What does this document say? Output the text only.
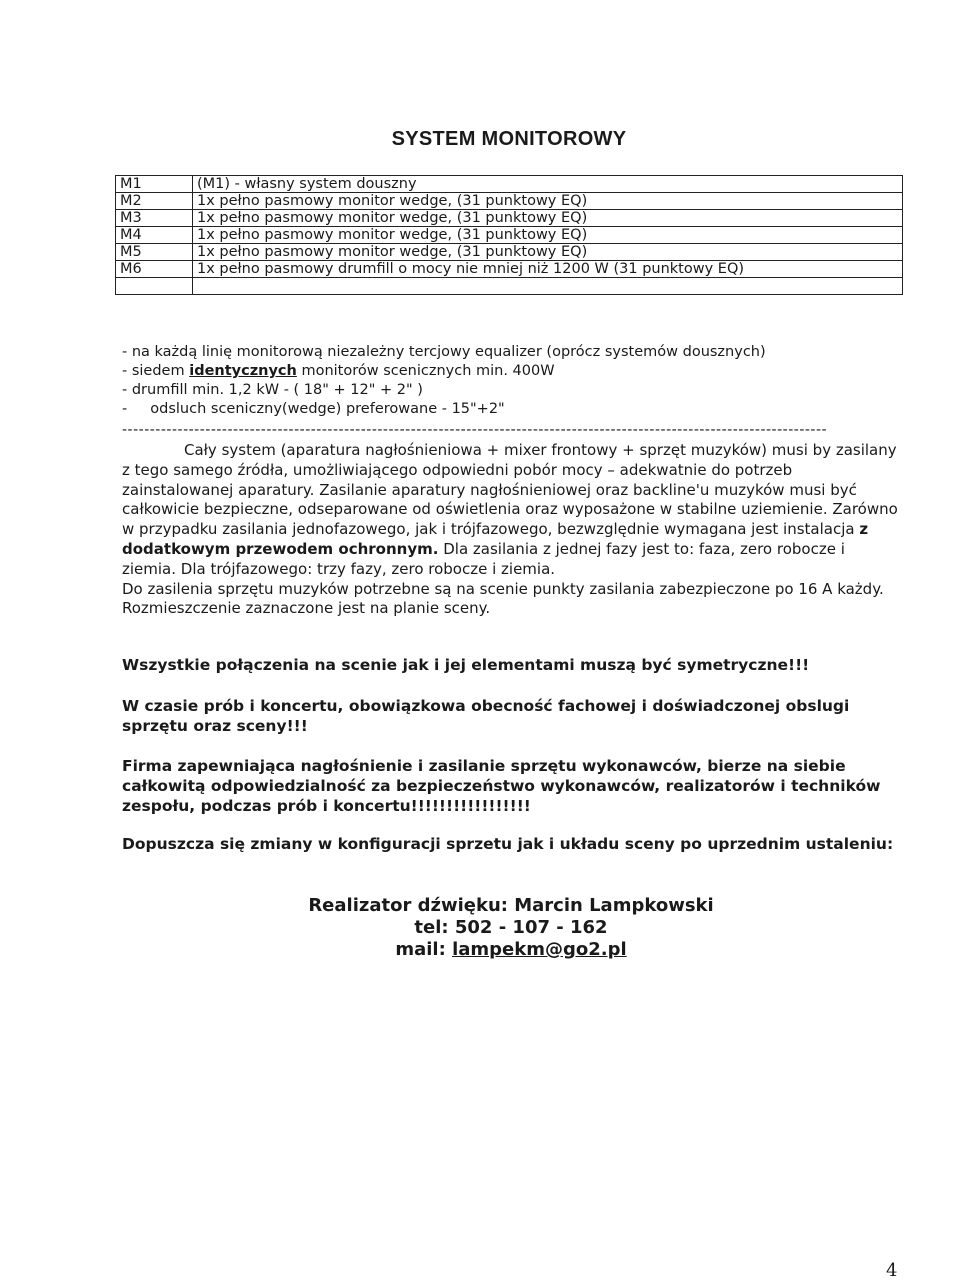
SYSTEM MONITOROWY
M1	(M1) - własny system douszny
M2	1x pełno pasmowy monitor wedge, (31 punktowy EQ)
M3	1x pełno pasmowy monitor wedge, (31 punktowy EQ)
M4	1x pełno pasmowy monitor wedge, (31 punktowy EQ)
M5	1x pełno pasmowy monitor wedge, (31 punktowy EQ)
M6	1x pełno pasmowy drumfill o mocy nie mniej niż 1200 W (31 punktowy EQ)

- na każdą linię monitorową niezależny tercjowy equalizer (oprócz systemów dousznych)
- siedem identycznych monitorów scenicznych min. 400W
- drumfill min. 1,2 kW - ( 18" + 12" + 2" )
-     odsluch sceniczny(wedge) preferowane - 15"+2"
-------------------------------------------------------------------------------------------------------------------------------

Cały system (aparatura nagłośnieniowa + mixer frontowy + sprzęt muzyków) musi by zasilany z tego samego źródła, umożliwiającego odpowiedni pobór mocy – adekwatnie do potrzeb zainstalowanej aparatury. Zasilanie aparatury nagłośnieniowej oraz backline'u muzyków musi być całkowicie bezpieczne, odseparowane od oświetlenia oraz wyposażone w stabilne uziemienie. Zarówno w przypadku zasilania jednofazowego, jak i trójfazowego, bezwzględnie wymagana jest instalacja z dodatkowym przewodem ochronnym. Dla zasilania z jednej fazy jest to: faza, zero robocze i ziemia. Dla trójfazowego: trzy fazy, zero robocze i ziemia.

Do zasilenia sprzętu muzyków potrzebne są na scenie punkty zasilania zabezpieczone po 16 A każdy. Rozmieszczenie zaznaczone jest na planie sceny.

Wszystkie połączenia na scenie jak i jej elementami muszą być symetryczne!!!

W czasie prób i koncertu, obowiązkowa obecność fachowej i doświadczonej obslugi sprzętu oraz sceny!!!

Firma zapewniająca nagłośnienie i zasilanie sprzętu wykonawców, bierze na siebie całkowitą odpowiedzialność za bezpieczeństwo wykonawców, realizatorów i techników zespołu, podczas prób i koncertu!!!!!!!!!!!!!!!!!

Dopuszcza się zmiany w konfiguracji sprzetu jak i układu sceny po uprzednim ustaleniu:

Realizator dźwięku: Marcin Lampkowski
tel: 502 - 107 - 162
mail: lampekm@go2.pl
4
